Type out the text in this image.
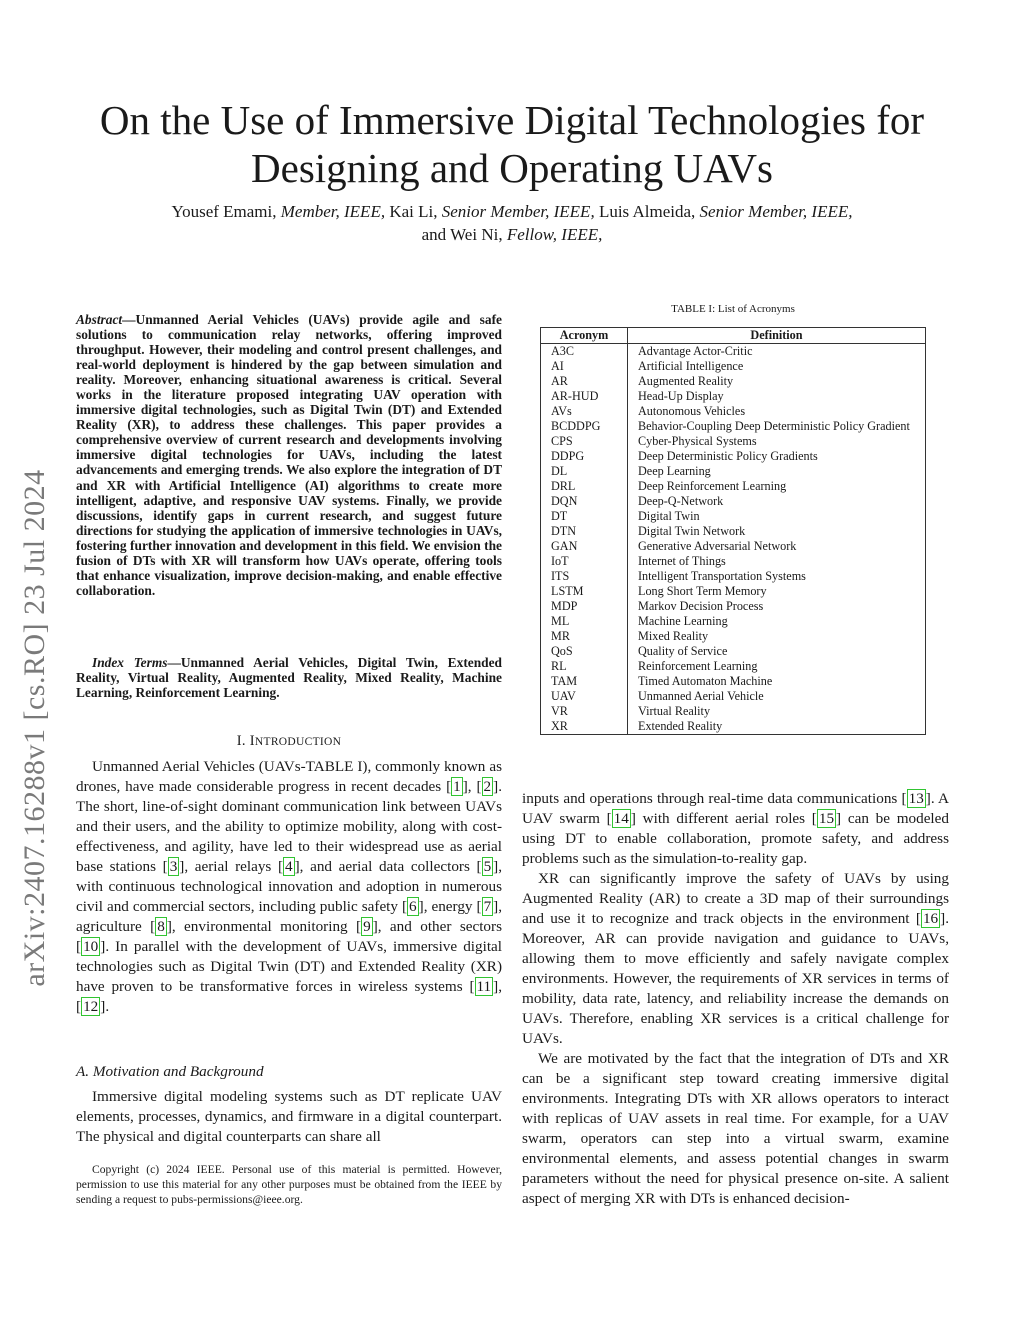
arXiv:2407.16288v1 [cs.RO] 23 Jul 2024
On the Use of Immersive Digital Technologies for Designing and Operating UAVs
Yousef Emami, Member, IEEE, Kai Li, Senior Member, IEEE, Luis Almeida, Senior Member, IEEE,
and Wei Ni, Fellow, IEEE,
Abstract—Unmanned Aerial Vehicles (UAVs) provide agile and safe solutions to communication relay networks, offering improved throughput. However, their modeling and control present challenges, and real-world deployment is hindered by the gap between simulation and reality. Moreover, enhancing situational awareness is critical. Several works in the literature proposed integrating UAV operation with immersive digital technologies, such as Digital Twin (DT) and Extended Reality (XR), to address these challenges. This paper provides a comprehensive overview of current research and developments involving immersive digital technologies for UAVs, including the latest advancements and emerging trends. We also explore the integration of DT and XR with Artificial Intelligence (AI) algorithms to create more intelligent, adaptive, and responsive UAV systems. Finally, we provide discussions, identify gaps in current research, and suggest future directions for studying the application of immersive technologies in UAVs, fostering further innovation and development in this field. We envision the fusion of DTs with XR will transform how UAVs operate, offering tools that enhance visualization, improve decision-making, and enable effective collaboration.
Index Terms—Unmanned Aerial Vehicles, Digital Twin, Extended Reality, Virtual Reality, Augmented Reality, Mixed Reality, Machine Learning, Reinforcement Learning.
I. INTRODUCTION
Unmanned Aerial Vehicles (UAVs-TABLE I), commonly known as drones, have made considerable progress in recent decades [ 1 ], [ 2 ]. The short, line-of-sight dominant communication link between UAVs and their users, and the ability to optimize mobility, along with cost-effectiveness, and agility, have led to their widespread use as aerial base stations [ 3 ], aerial relays [ 4 ], and aerial data collectors [ 5 ], with continuous technological innovation and adoption in numerous civil and commercial sectors, including public safety [ 6 ], energy [ 7 ], agriculture [ 8 ], environmental monitoring [ 9 ], and other sectors [ 10 ]. In parallel with the development of UAVs, immersive digital technologies such as Digital Twin (DT) and Extended Reality (XR) have proven to be transformative forces in wireless systems [ 11 ], [ 12 ].
A. Motivation and Background
Immersive digital modeling systems such as DT replicate UAV elements, processes, dynamics, and firmware in a digital counterpart. The physical and digital counterparts can share all
Copyright (c) 2024 IEEE. Personal use of this material is permitted. However, permission to use this material for any other purposes must be obtained from the IEEE by sending a request to pubs-permissions@ieee.org.
TABLE I: List of Acronyms
Acronym	Definition
A3C	Advantage Actor-Critic
AI	Artificial Intelligence
AR	Augmented Reality
AR-HUD	Head-Up Display
AVs	Autonomous Vehicles
BCDDPG	Behavior-Coupling Deep Deterministic Policy Gradient
CPS	Cyber-Physical Systems
DDPG	Deep Deterministic Policy Gradients
DL	Deep Learning
DRL	Deep Reinforcement Learning
DQN	Deep-Q-Network
DT	Digital Twin
DTN	Digital Twin Network
GAN	Generative Adversarial Network
IoT	Internet of Things
ITS	Intelligent Transportation Systems
LSTM	Long Short Term Memory
MDP	Markov Decision Process
ML	Machine Learning
MR	Mixed Reality
QoS	Quality of Service
RL	Reinforcement Learning
TAM	Timed Automaton Machine
UAV	Unmanned Aerial Vehicle
VR	Virtual Reality
XR	Extended Reality
inputs and operations through real-time data communications [ 13 ]. A UAV swarm [ 14 ] with different aerial roles [ 15 ] can be modeled using DT to enable collaboration, promote safety, and address problems such as the simulation-to-reality gap.
XR can significantly improve the safety of UAVs by using Augmented Reality (AR) to create a 3D map of their surroundings and use it to recognize and track objects in the environment [ 16 ]. Moreover, AR can provide navigation and guidance to UAVs, allowing them to move efficiently and safely navigate complex environments. However, the requirements of XR services in terms of mobility, data rate, latency, and reliability increase the demands on UAVs. Therefore, enabling XR services is a critical challenge for UAVs.
We are motivated by the fact that the integration of DTs and XR can be a significant step toward creating immersive digital environments. Integrating DTs with XR allows operators to interact with replicas of UAV assets in real time. For example, for a UAV swarm, operators can step into a virtual swarm, examine environmental elements, and assess potential changes in swarm parameters without the need for physical presence on-site. A salient aspect of merging XR with DTs is enhanced decision-
